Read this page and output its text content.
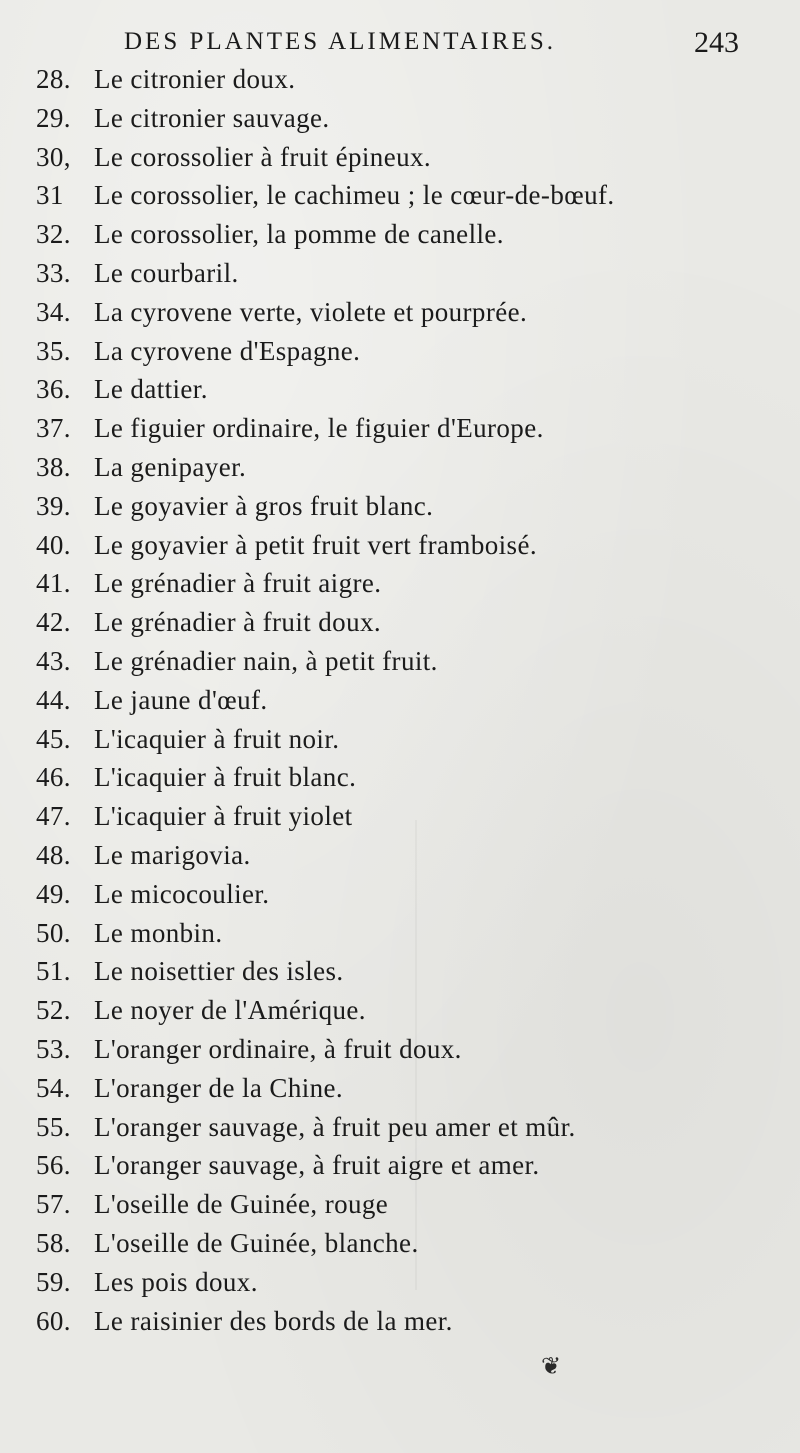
DES PLANTES ALIMENTAIRES.	243
28. Le citronier doux.
29. Le citronier sauvage.
30, Le corossolier à fruit épineux.
31 Le corossolier, le cachimeu ; le cœur-de-bœuf.
32. Le corossolier, la pomme de canelle.
33. Le courbaril.
34. La cyrovene verte, violete et pourprée.
35. La cyrovene d'Espagne.
36. Le dattier.
37. Le figuier ordinaire, le figuier d'Europe.
38. La genipayer.
39. Le goyavier à gros fruit blanc.
40. Le goyavier à petit fruit vert framboisé.
41. Le grénadier à fruit aigre.
42. Le grénadier à fruit doux.
43. Le grénadier nain, à petit fruit.
44. Le jaune d'œuf.
45. L'icaquier à fruit noir.
46. L'icaquier à fruit blanc.
47. L'icaquier à fruit yiolet
48. Le marigovia.
49. Le micocoulier.
50. Le monbin.
51. Le noisettier des isles.
52. Le noyer de l'Amérique.
53. L'oranger ordinaire, à fruit doux.
54. L'oranger de la Chine.
55. L'oranger sauvage, à fruit peu amer et mûr.
56. L'oranger sauvage, à fruit aigre et amer.
57. L'oseille de Guinée, rouge
58. L'oseille de Guinée, blanche.
59. Les pois doux.
60. Le raisinier des bords de la mer.
❦
